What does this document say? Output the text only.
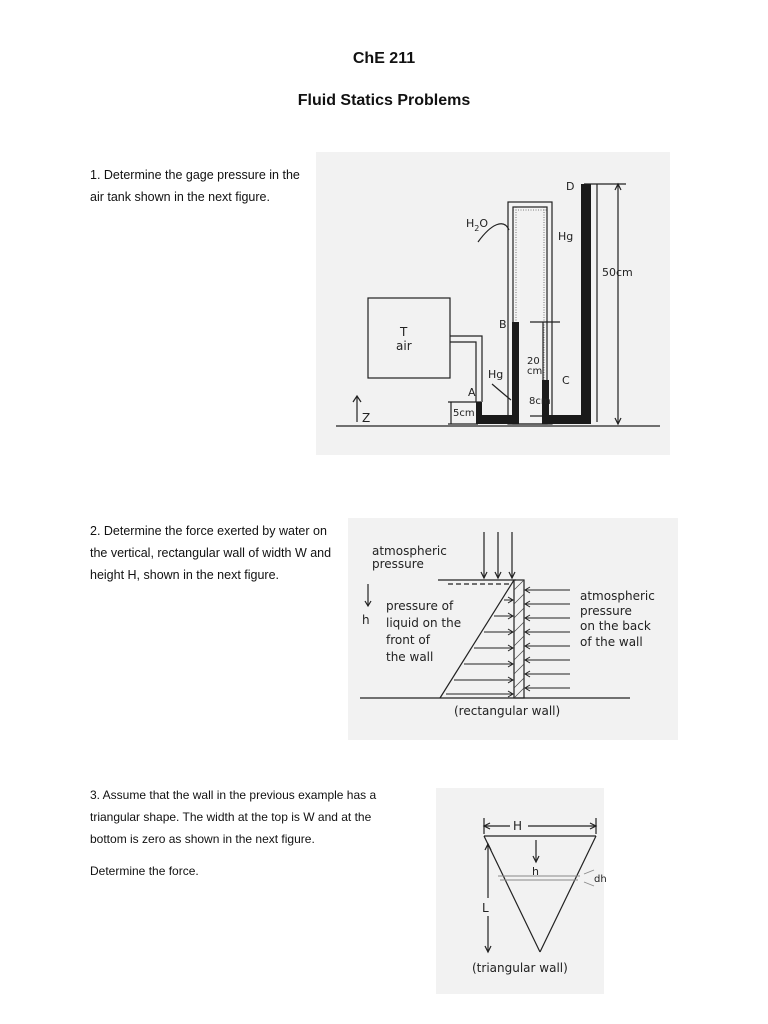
ChE 211
Fluid Statics Problems
1. Determine the gage pressure in the air tank shown in the next figure.
T
air
$H_2O$
Hg
Hg
A
B
C
D
5cm
8cm
20
cm
50cm
Z
2. Determine the force exerted by water on the vertical, rectangular wall of width W and height H, shown in the next figure.
atmospheric
pressure
pressure of
liquid on the
front of
the wall
h
atmospheric
pressure
on the back
of the wall
(rectangular wall)

3. Assume that the wall in the previous example has a triangular shape. The width at the top is W and at the bottom is zero as shown in the next figure.

Determine the force.

H
h
L
dh
(triangular wall)
